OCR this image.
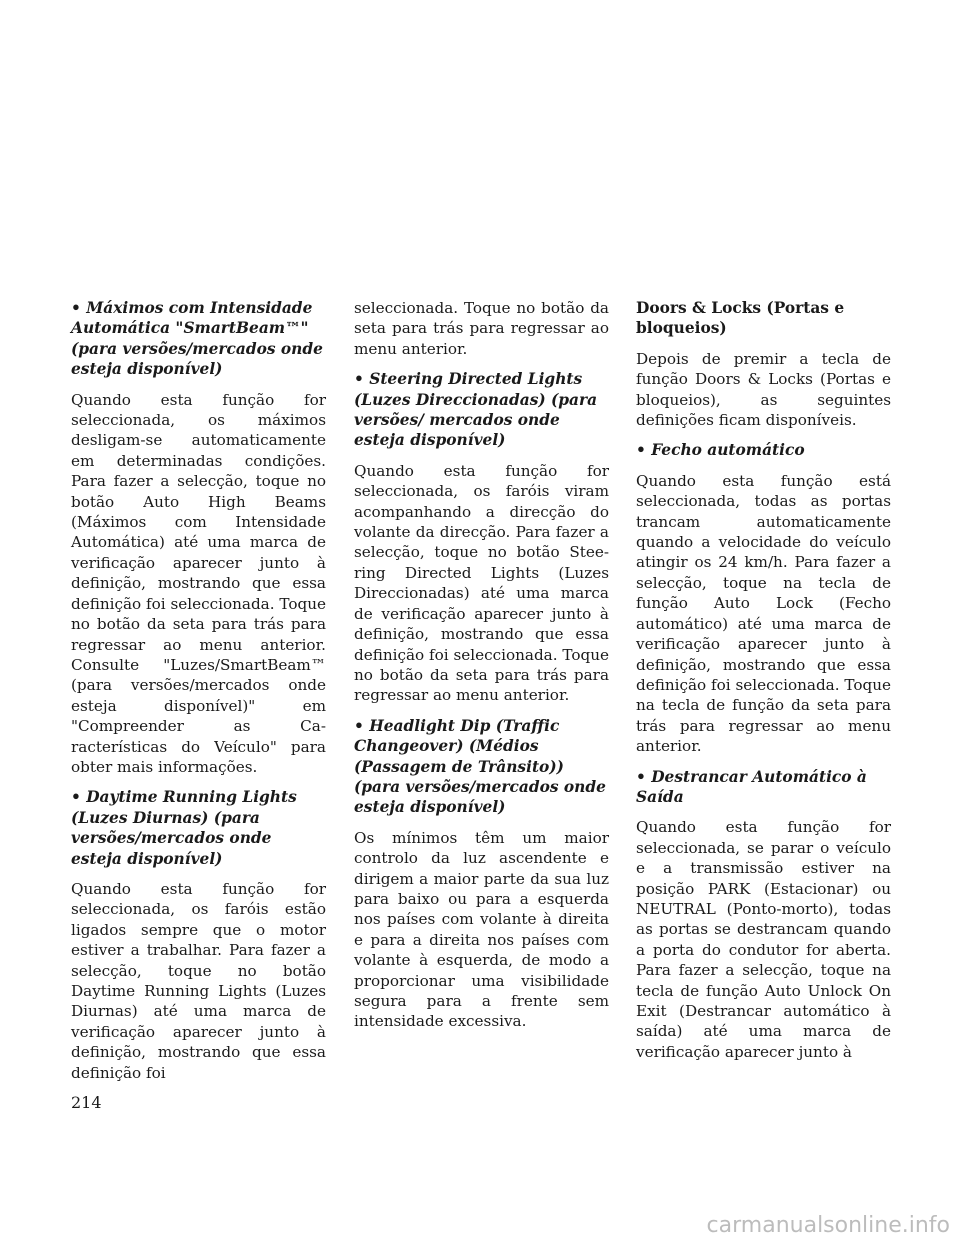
• Máximos com Intensidade Automática "SmartBeam™" (para versões/mercados onde esteja disponível)
Quando esta função for seleccionada, os máximos desligam-se automaticamente em determinadas condições. Para fazer a selecção, toque no botão Auto High Beams (Máximos com Intensidade Automática) até uma marca de verificação aparecer junto à definição, mostrando que essa definição foi seleccionada. Toque no botão da seta para trás para regressar ao menu anterior. Consulte "Luzes/SmartBeam™ (para versões/mercados onde esteja disponível)" em "Compreender as Características do Veículo" para obter mais informações.
• Daytime Running Lights (Luzes Diurnas) (para versões/mercados onde esteja disponível)
Quando esta função for seleccionada, os faróis estão ligados sempre que o motor estiver a trabalhar. Para fazer a selecção, toque no botão Daytime Running Lights (Luzes Diurnas) até uma marca de verificação aparecer junto à definição, mostrando que essa definição foi
seleccionada. Toque no botão da seta para trás para regressar ao menu anterior.
• Steering Directed Lights (Luzes Direccionadas) (para versões/ mercados onde esteja disponível)
Quando esta função for seleccionada, os faróis viram acompanhando a direcção do volante da direcção. Para fazer a selecção, toque no botão Steering Directed Lights (Luzes Direccionadas) até uma marca de verificação aparecer junto à definição, mostrando que essa definição foi seleccionada. Toque no botão da seta para trás para regressar ao menu anterior.
• Headlight Dip (Traffic Changeover) (Médios (Passagem de Trânsito)) (para versões/mercados onde esteja disponível)
Os mínimos têm um maior controlo da luz ascendente e dirigem a maior parte da sua luz para baixo ou para a esquerda nos países com volante à direita e para a direita nos países com volante à esquerda, de modo a proporcionar uma visibilidade segura para a frente sem intensidade excessiva.
Doors & Locks (Portas e bloqueios)
Depois de premir a tecla de função Doors & Locks (Portas e bloqueios), as seguintes definições ficam disponíveis.
• Fecho automático
Quando esta função está seleccionada, todas as portas trancam automaticamente quando a velocidade do veículo atingir os 24 km/h. Para fazer a selecção, toque na tecla de função Auto Lock (Fecho automático) até uma marca de verificação aparecer junto à definição, mostrando que essa definição foi seleccionada. Toque na tecla de função da seta para trás para regressar ao menu anterior.
• Destrancar Automático à Saída
Quando esta função for seleccionada, se parar o veículo e a transmissão estiver na posição PARK (Estacionar) ou NEUTRAL (Ponto-morto), todas as portas se destrancam quando a porta do condutor for aberta. Para fazer a selecção, toque na tecla de função Auto Unlock On Exit (Destrancar automático à saída) até uma marca de verificação aparecer junto à
214
carmanualsonline.info
